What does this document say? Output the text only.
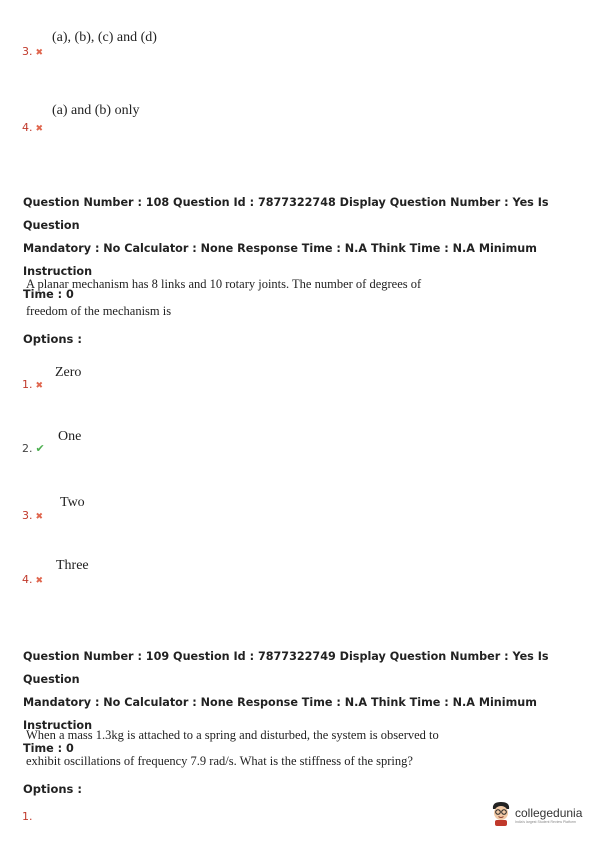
3. ✖
(a), (b), (c) and (d)
4. ✖
(a) and (b) only
Question Number : 108 Question Id : 7877322748 Display Question Number : Yes Is Question
Mandatory : No Calculator : None Response Time : N.A Think Time : N.A Minimum Instruction
Time : 0
A planar mechanism has 8 links and 10 rotary joints. The number of degrees of
freedom of the mechanism is
Options :
1. ✖
Zero
2. ✔
One
3. ✖
Two
4. ✖
Three
Question Number : 109 Question Id : 7877322749 Display Question Number : Yes Is Question
Mandatory : No Calculator : None Response Time : N.A Think Time : N.A Minimum Instruction
Time : 0
When a mass 1.3kg is attached to a spring and disturbed, the system is observed to
exhibit oscillations of frequency 7.9 rad/s. What is the stiffness of the spring?
Options :
1.	collegedunia
India's largest Student Review Platform
